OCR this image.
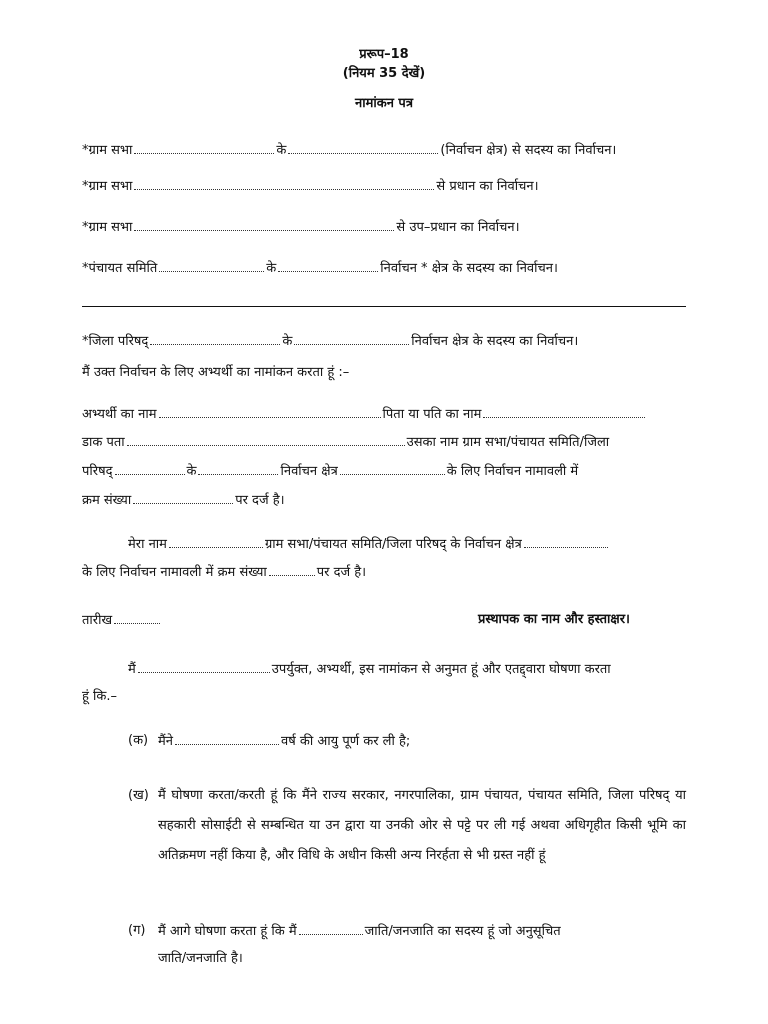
प्ररूप–18
(नियम 35 देखें)
नामांकन पत्र
*ग्राम सभा	के	(निर्वाचन क्षेत्र) से सदस्य का निर्वाचन।
*ग्राम सभा	से प्रधान का निर्वाचन।
*ग्राम सभा	से उप–प्रधान का निर्वाचन।
*पंचायत समिति	के	निर्वाचन * क्षेत्र के सदस्य का निर्वाचन।
*जिला परिषद्	के	निर्वाचन क्षेत्र के सदस्य का निर्वाचन।
मैं उक्त निर्वाचन के लिए अभ्यर्थी का नामांकन करता हूं :–
अभ्यर्थी का नाम	पिता या पति का नाम
डाक पता	उसका नाम ग्राम सभा/पंचायत समिति/जिला
परिषद्	के	निर्वाचन क्षेत्र	के लिए निर्वाचन नामावली में
क्रम संख्या	पर दर्ज है।
मेरा नाम	ग्राम सभा/पंचायत समिति/जिला परिषद् के निर्वाचन क्षेत्र
के लिए निर्वाचन नामावली में क्रम संख्या	पर दर्ज है।
तारीख	प्रस्थापक का नाम और हस्ताक्षर।
मैं	उपर्युक्त, अभ्यर्थी, इस नामांकन से अनुमत हूं और एतद्द्वारा घोषणा करता
हूं कि.–
(क) मैंने	वर्ष की आयु पूर्ण कर ली है;
(ख) मैं घोषणा करता/करती हूं कि मैंने राज्य सरकार, नगरपालिका, ग्राम पंचायत, पंचायत समिति, जिला परिषद् या सहकारी सोसाईटी से सम्बन्धित या उन द्वारा या उनकी ओर से पट्टे पर ली गई अथवा अधिगृहीत किसी भूमि का अतिक्रमण नहीं किया है, और विधि के अधीन किसी अन्य निरर्हता से भी ग्रस्त नहीं हूं
(ग) मैं आगे घोषणा करता हूं कि मैं	जाति/जनजाति का सदस्य हूं जो अनुसूचित
जाति/जनजाति है।
